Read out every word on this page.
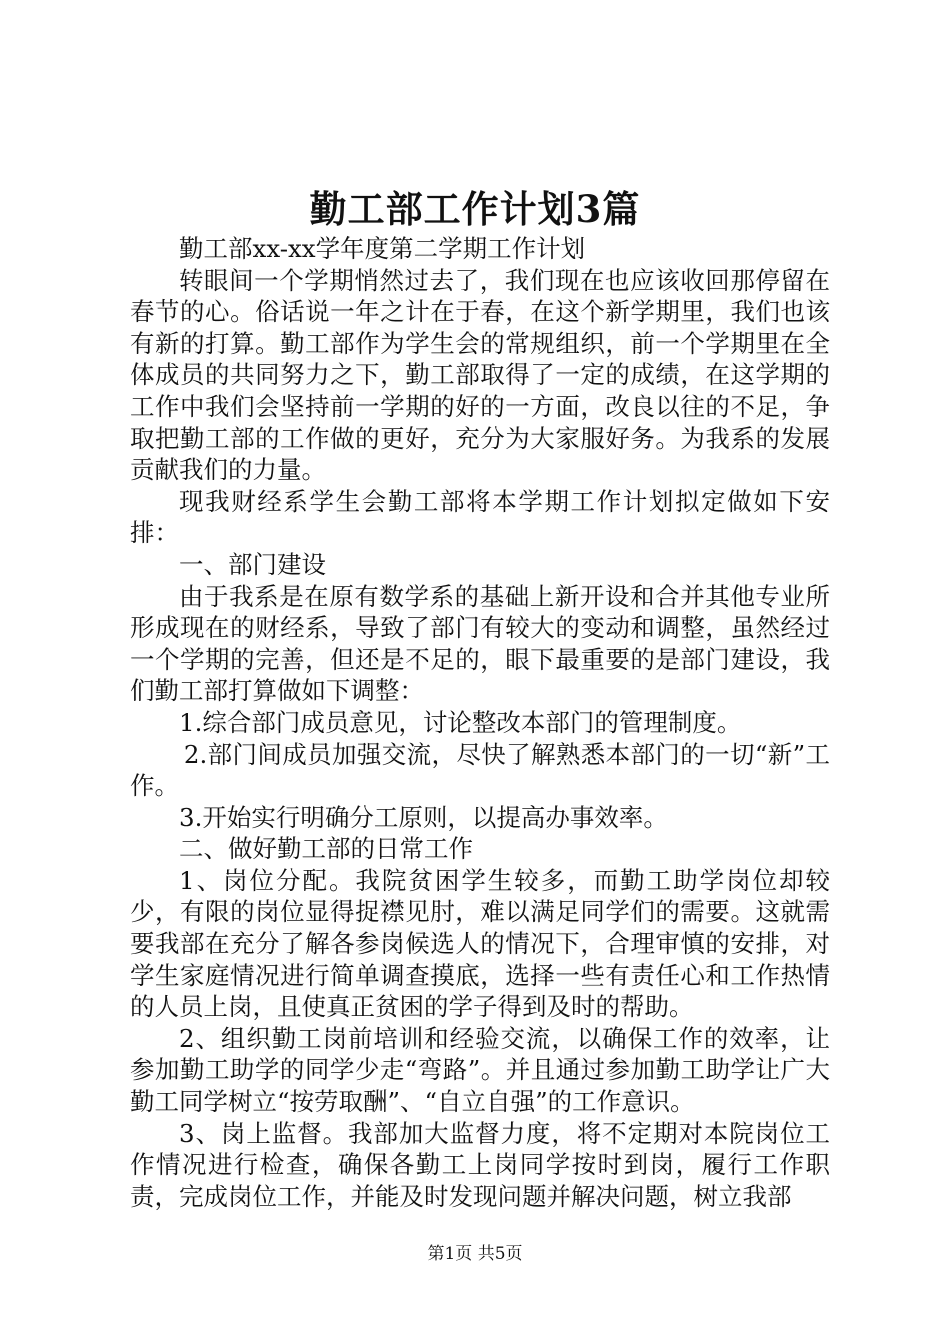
勤工部工作计划3篇

勤工部xx-xx学年度第二学期工作计划

转眼间一个学期悄然过去了，我们现在也应该收回那停留在春节的心。俗话说一年之计在于春，在这个新学期里，我们也该有新的打算。勤工部作为学生会的常规组织，前一个学期里在全体成员的共同努力之下，勤工部取得了一定的成绩，在这学期的工作中我们会坚持前一学期的好的一方面，改良以往的不足，争取把勤工部的工作做的更好，充分为大家服好务。为我系的发展贡献我们的力量。

现我财经系学生会勤工部将本学期工作计划拟定做如下安排：

一、部门建设

由于我系是在原有数学系的基础上新开设和合并其他专业所形成现在的财经系，导致了部门有较大的变动和调整，虽然经过一个学期的完善，但还是不足的，眼下最重要的是部门建设，我们勤工部打算做如下调整：

1.综合部门成员意见，讨论整改本部门的管理制度。

2.部门间成员加强交流，尽快了解熟悉本部门的一切“新”工作。

3.开始实行明确分工原则，以提高办事效率。

二、做好勤工部的日常工作

1、岗位分配。我院贫困学生较多，而勤工助学岗位却较少，有限的岗位显得捉襟见肘，难以满足同学们的需要。这就需要我部在充分了解各参岗候选人的情况下，合理审慎的安排，对学生家庭情况进行简单调查摸底，选择一些有责任心和工作热情的人员上岗，且使真正贫困的学子得到及时的帮助。

2、组织勤工岗前培训和经验交流，以确保工作的效率，让参加勤工助学的同学少走“弯路”。并且通过参加勤工助学让广大勤工同学树立“按劳取酬”、“自立自强”的工作意识。

3、岗上监督。我部加大监督力度，将不定期对本院岗位工作情况进行检查，确保各勤工上岗同学按时到岗，履行工作职责，完成岗位工作，并能及时发现问题并解决问题，树立我部

第1页 共5页
